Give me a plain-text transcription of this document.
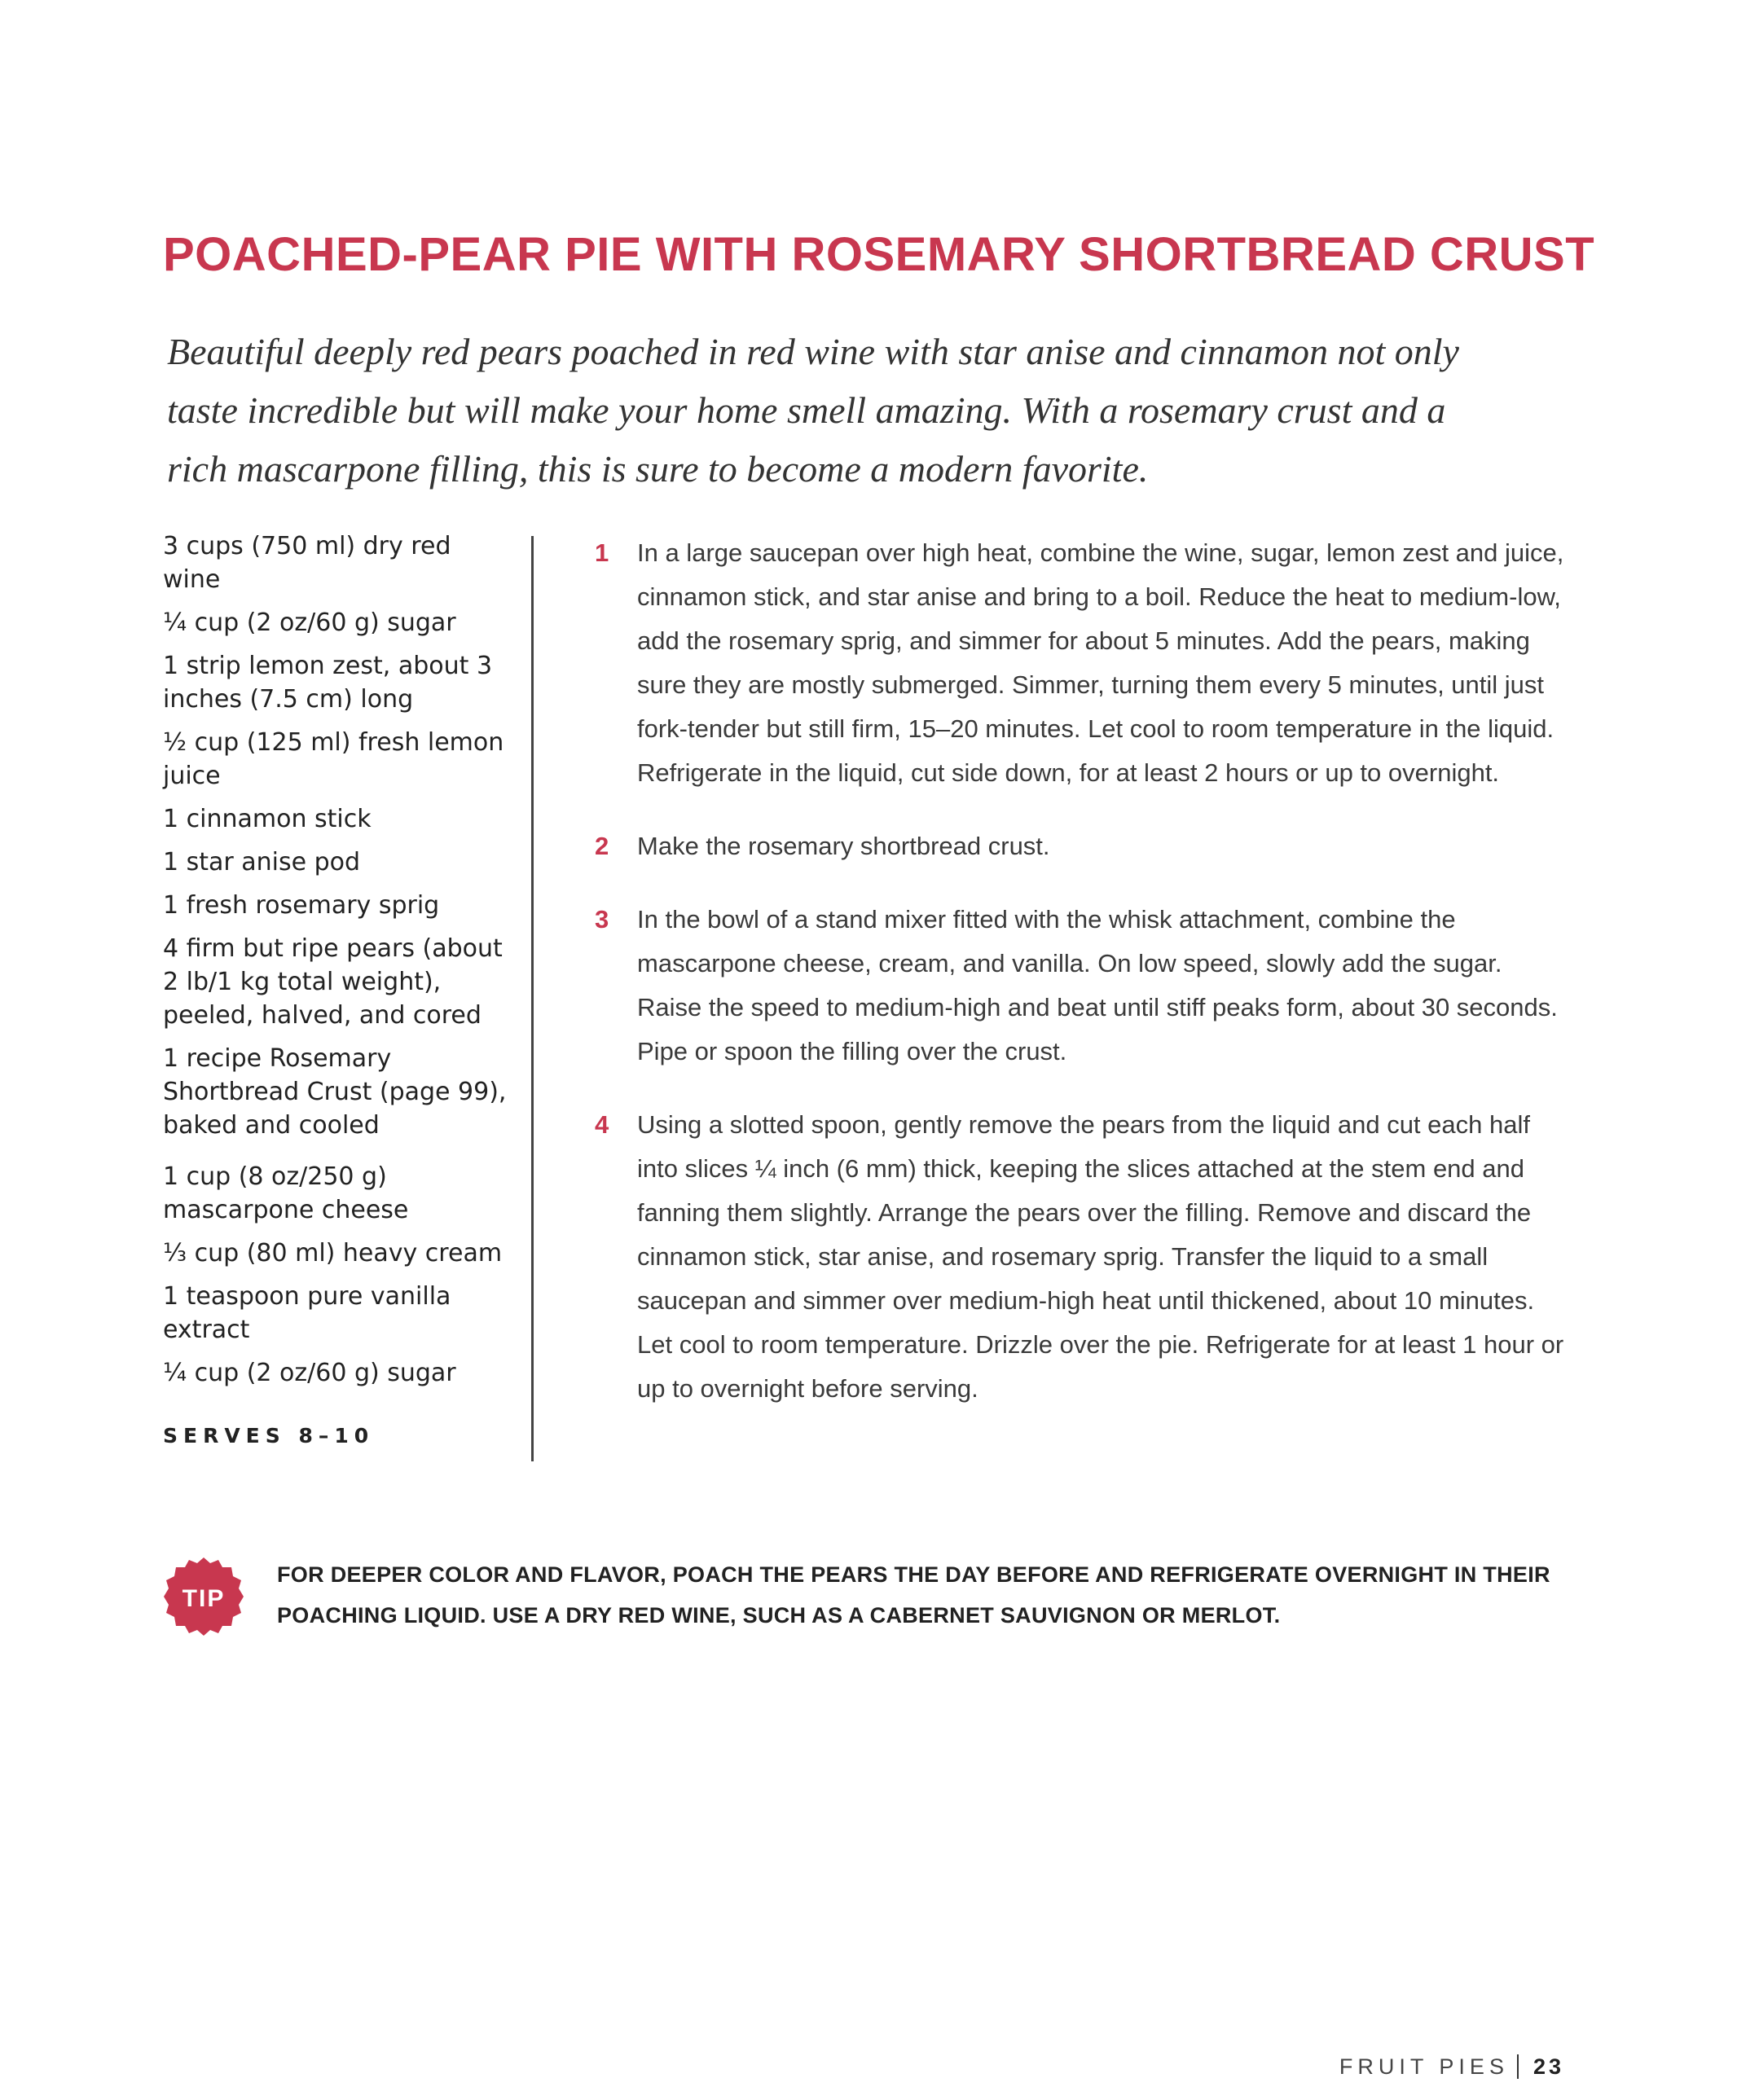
POACHED-PEAR PIE WITH ROSEMARY SHORTBREAD CRUST

Beautiful deeply red pears poached in red wine with star anise and cinnamon not only taste incredible but will make your home smell amazing. With a rosemary crust and a rich mascarpone filling, this is sure to become a modern favorite.

3 cups (750 ml) dry red wine
¼ cup (2 oz/60 g) sugar
1 strip lemon zest, about 3 inches (7.5 cm) long
½ cup (125 ml) fresh lemon juice
1 cinnamon stick
1 star anise pod
1 fresh rosemary sprig
4 firm but ripe pears (about 2 lb/1 kg total weight), peeled, halved, and cored
1 recipe Rosemary Shortbread Crust (page 99), baked and cooled
1 cup (8 oz/250 g) mascarpone cheese
⅓ cup (80 ml) heavy cream
1 teaspoon pure vanilla extract
¼ cup (2 oz/60 g) sugar
SERVES 8–10
1 In a large saucepan over high heat, combine the wine, sugar, lemon zest and juice, cinnamon stick, and star anise and bring to a boil. Reduce the heat to medium-low, add the rosemary sprig, and simmer for about 5 minutes. Add the pears, making sure they are mostly submerged. Simmer, turning them every 5 minutes, until just fork-tender but still firm, 15–20 minutes. Let cool to room temperature in the liquid. Refrigerate in the liquid, cut side down, for at least 2 hours or up to overnight.
2 Make the rosemary shortbread crust.
3 In the bowl of a stand mixer fitted with the whisk attachment, combine the mascarpone cheese, cream, and vanilla. On low speed, slowly add the sugar. Raise the speed to medium-high and beat until stiff peaks form, about 30 seconds. Pipe or spoon the filling over the crust.
4 Using a slotted spoon, gently remove the pears from the liquid and cut each half into slices ¼ inch (6 mm) thick, keeping the slices attached at the stem end and fanning them slightly. Arrange the pears over the filling. Remove and discard the cinnamon stick, star anise, and rosemary sprig. Transfer the liquid to a small saucepan and simmer over medium-high heat until thickened, about 10 minutes. Let cool to room temperature. Drizzle over the pie. Refrigerate for at least 1 hour or up to overnight before serving.
TIP
FOR DEEPER COLOR AND FLAVOR, POACH THE PEARS THE DAY BEFORE AND REFRIGERATE OVERNIGHT IN THEIR POACHING LIQUID. USE A DRY RED WINE, SUCH AS A CABERNET SAUVIGNON OR MERLOT.
FRUIT PIES 23
